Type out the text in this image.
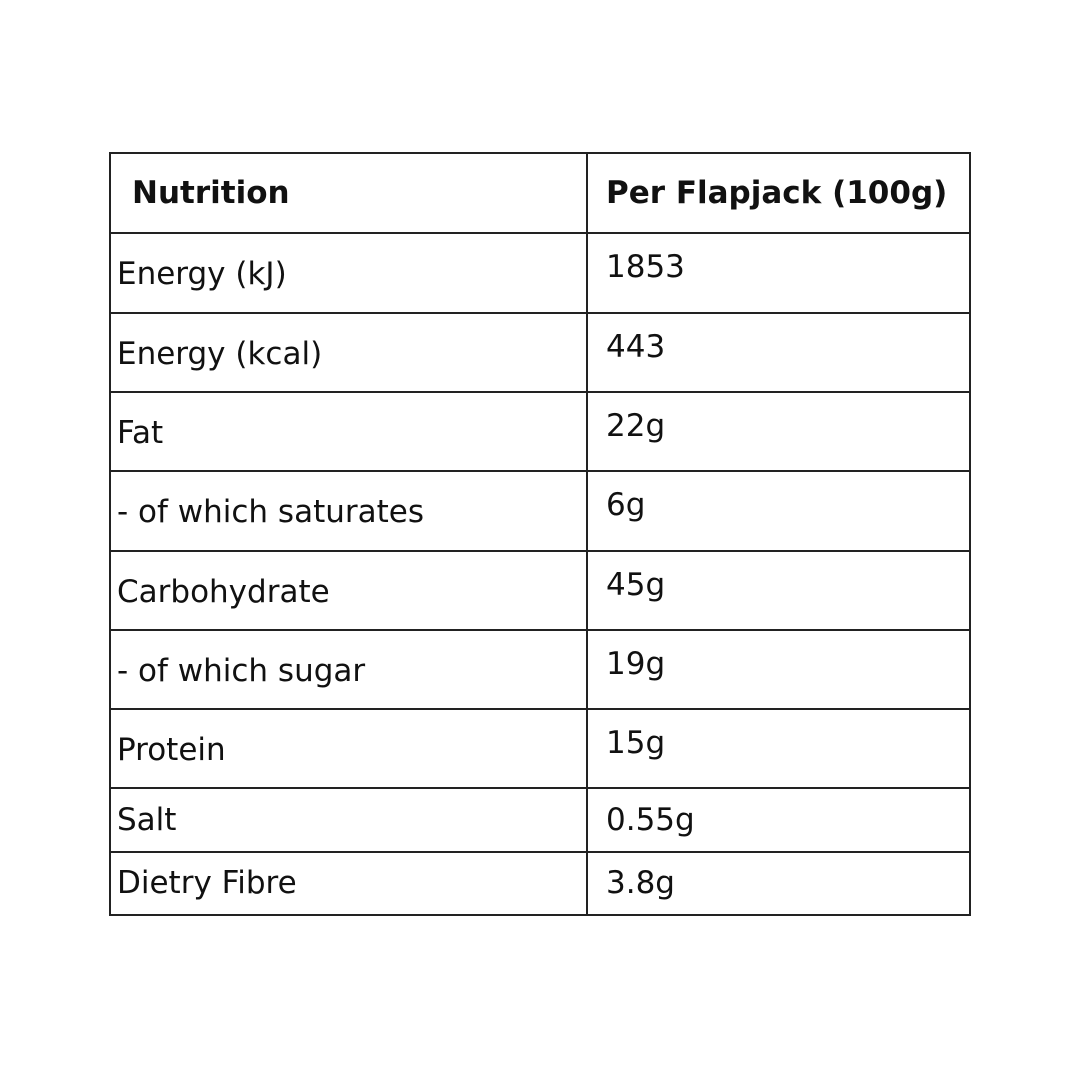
Nutrition	Per Flapjack (100g)
Energy (kJ)	1853
Energy (kcal)	443
Fat	22g
- of which saturates	6g
Carbohydrate	45g
- of which sugar	19g
Protein	15g
Salt	0.55g
Dietry Fibre	3.8g
